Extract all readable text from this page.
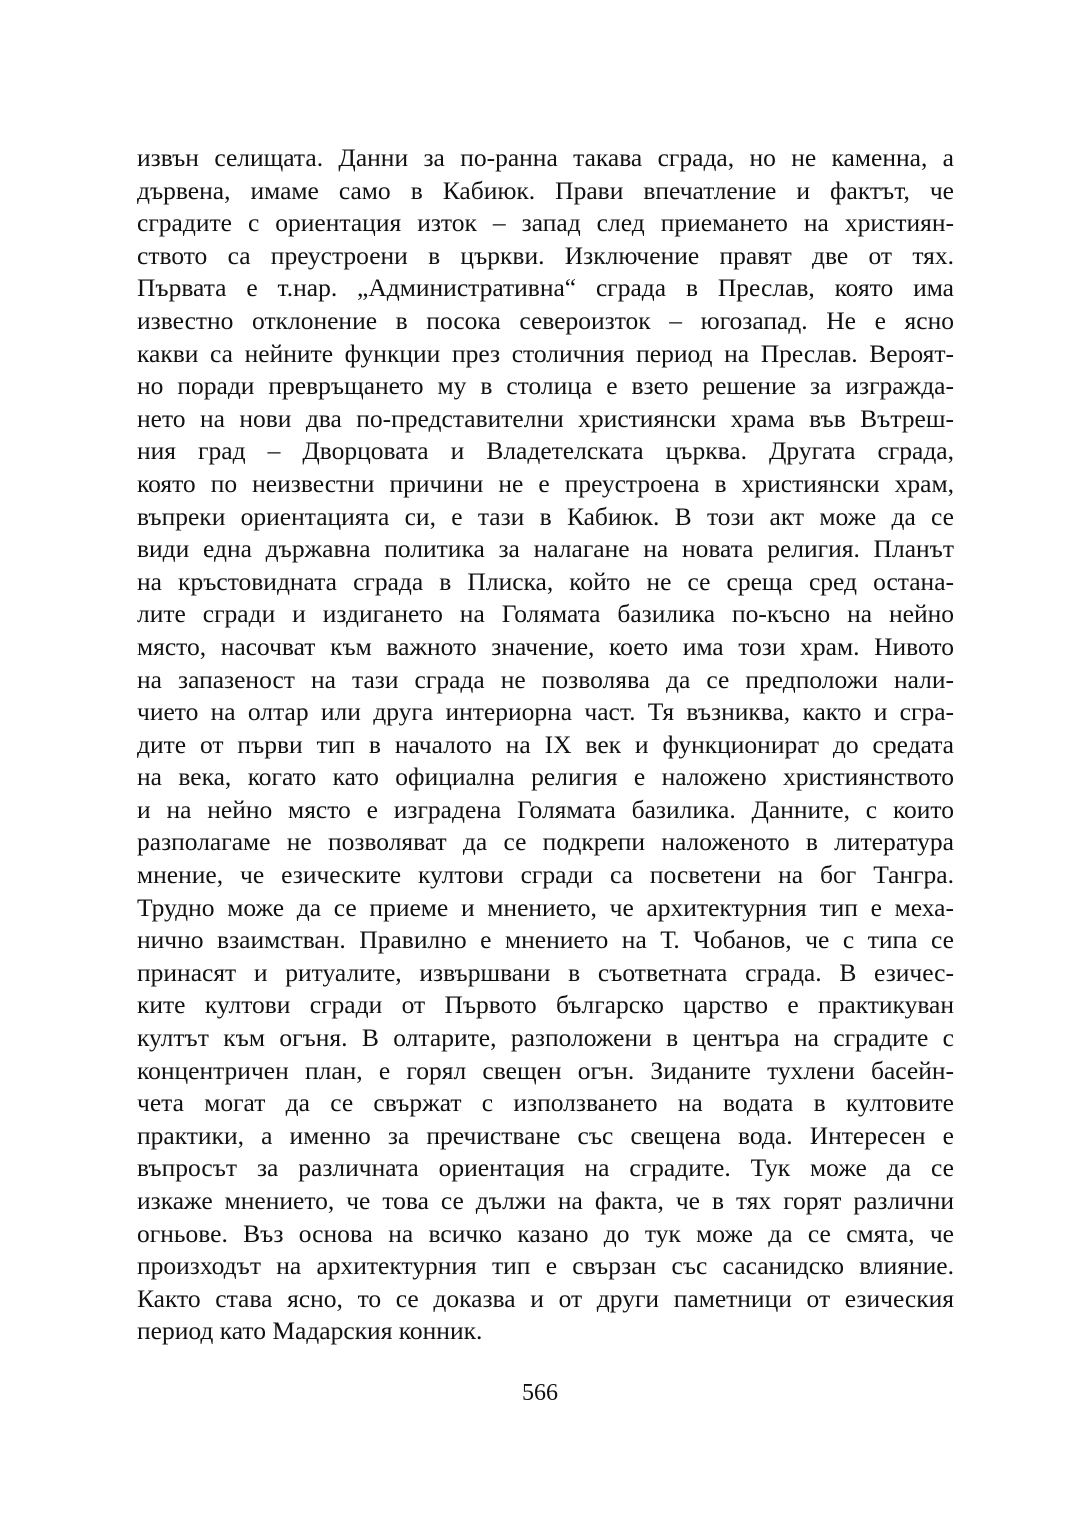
извън селищата. Данни за по-ранна такава сграда, но не каменна, а
дървена, имаме само в Кабиюк. Прави впечатление и фактът, че
сградите с ориентация изток – запад след приемането на християн-
ството са преустроени в църкви. Изключение правят две от тях.
Първата е т.нар. „Административна“ сграда в Преслав, която има
известно отклонение в посока североизток – югозапад. Не е ясно
какви са нейните функции през столичния период на Преслав. Вероят-
но поради превръщането му в столица е взето решение за изгражда-
нето на нови два по-представителни християнски храма във Вътреш-
ния град – Дворцовата и Владетелската църква. Другата сграда,
която по неизвестни причини не е преустроена в християнски храм,
въпреки ориентацията си, е тази в Кабиюк. В този акт може да се
види една държавна политика за налагане на новата религия. Планът
на кръстовидната сграда в Плиска, който не се среща сред остана-
лите сгради и издигането на Голямата базилика по-късно на нейно
място, насочват към важното значение, което има този храм. Нивото
на запазеност на тази сграда не позволява да се предположи нали-
чието на олтар или друга интериорна част. Тя възниква, както и сгра-
дите от първи тип в началото на IX век и функционират до средата
на века, когато като официална религия е наложено християнството
и на нейно място е изградена Голямата базилика. Данните, с които
разполагаме не позволяват да се подкрепи наложеното в литература
мнение, че езическите култови сгради са посветени на бог Тангра.
Трудно може да се приеме и мнението, че архитектурния тип е меха-
нично взаимстван. Правилно е мнението на Т. Чобанов, че с типа се
принасят и ритуалите, извършвани в съответната сграда. В езичес-
ките култови сгради от Първото българско царство е практикуван
култът към огъня. В олтарите, разположени в центъра на сградите с
концентричен план, е горял свещен огън. Зиданите тухлени басейн-
чета могат да се свържат с използването на водата в култовите
практики, а именно за пречистване със свещена вода. Интересен е
въпросът за различната ориентация на сградите. Тук може да се
изкаже мнението, че това се дължи на факта, че в тях горят различни
огньове. Въз основа на всичко казано до тук може да се смята, че
произходът на архитектурния тип е свързан със сасанидско влияние.
Както става ясно, то се доказва и от други паметници от езическия
период като Мадарския конник.
566
